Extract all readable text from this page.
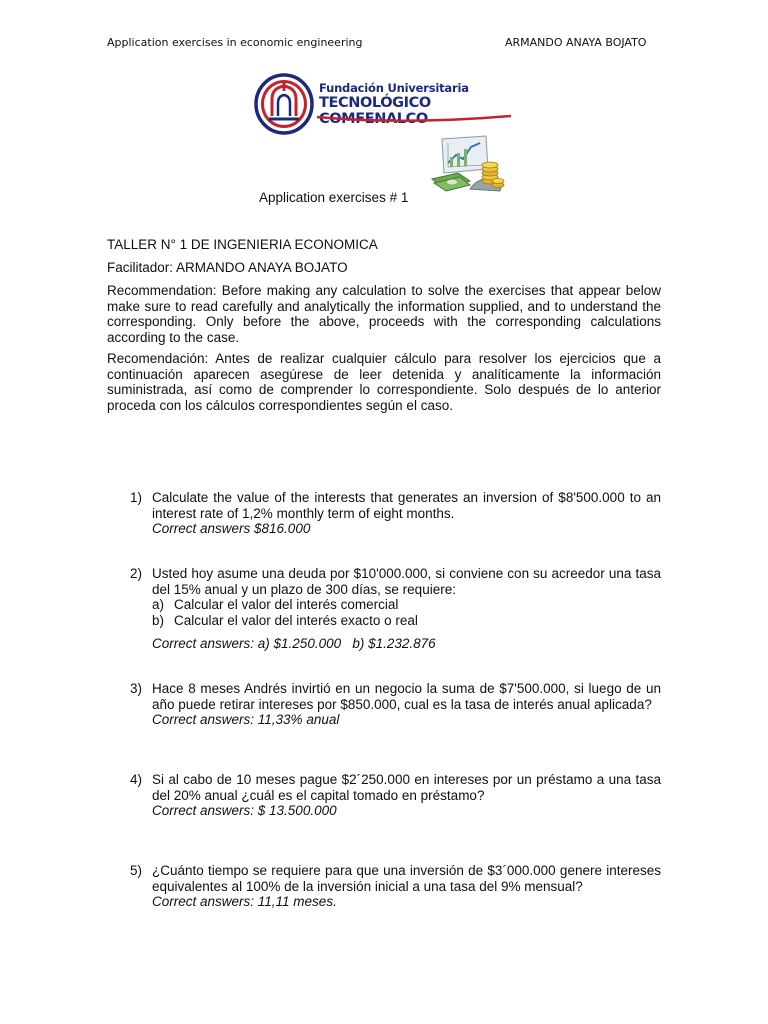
Application exercises in economic engineering	ARMANDO ANAYA BOJATO
Fundación Universitaria
TECNOLÓGICO COMFENALCO
Application exercises # 1
TALLER N° 1 DE INGENIERIA ECONOMICA
Facilitador: ARMANDO ANAYA BOJATO
Recommendation: Before making any calculation to solve the exercises that appear below make sure to read carefully and analytically the information supplied, and to understand the corresponding. Only before the above, proceeds with the corresponding calculations according to the case.
Recomendación: Antes de realizar cualquier cálculo para resolver los ejercicios que a continuación aparecen asegúrese de leer detenida y analíticamente la información suministrada, así como de comprender lo correspondiente. Solo después de lo anterior proceda con los cálculos correspondientes según el caso.
1) Calculate the value of the interests that generates an inversion of $8'500.000 to an interest rate of 1,2% monthly term of eight months.
Correct answers $816.000
2) Usted hoy asume una deuda por $10'000.000, si conviene con su acreedor una tasa del 15% anual y un plazo de 300 días, se requiere:
a) Calcular el valor del interés comercial
b) Calcular el valor del interés exacto o real
Correct answers: a) $1.250.000   b) $1.232.876
3) Hace 8 meses Andrés invirtió en un negocio la suma de $7'500.000, si luego de un año puede retirar intereses por $850.000, cual es la tasa de interés anual aplicada?
Correct answers: 11,33% anual
4) Si al cabo de 10 meses pague $2´250.000 en intereses por un préstamo a una tasa del 20% anual ¿cuál es el capital tomado en préstamo?
Correct answers: $ 13.500.000
5) ¿Cuánto tiempo se requiere para que una inversión de $3´000.000 genere intereses equivalentes al 100% de la inversión inicial a una tasa del 9% mensual?
Correct answers: 11,11 meses.
